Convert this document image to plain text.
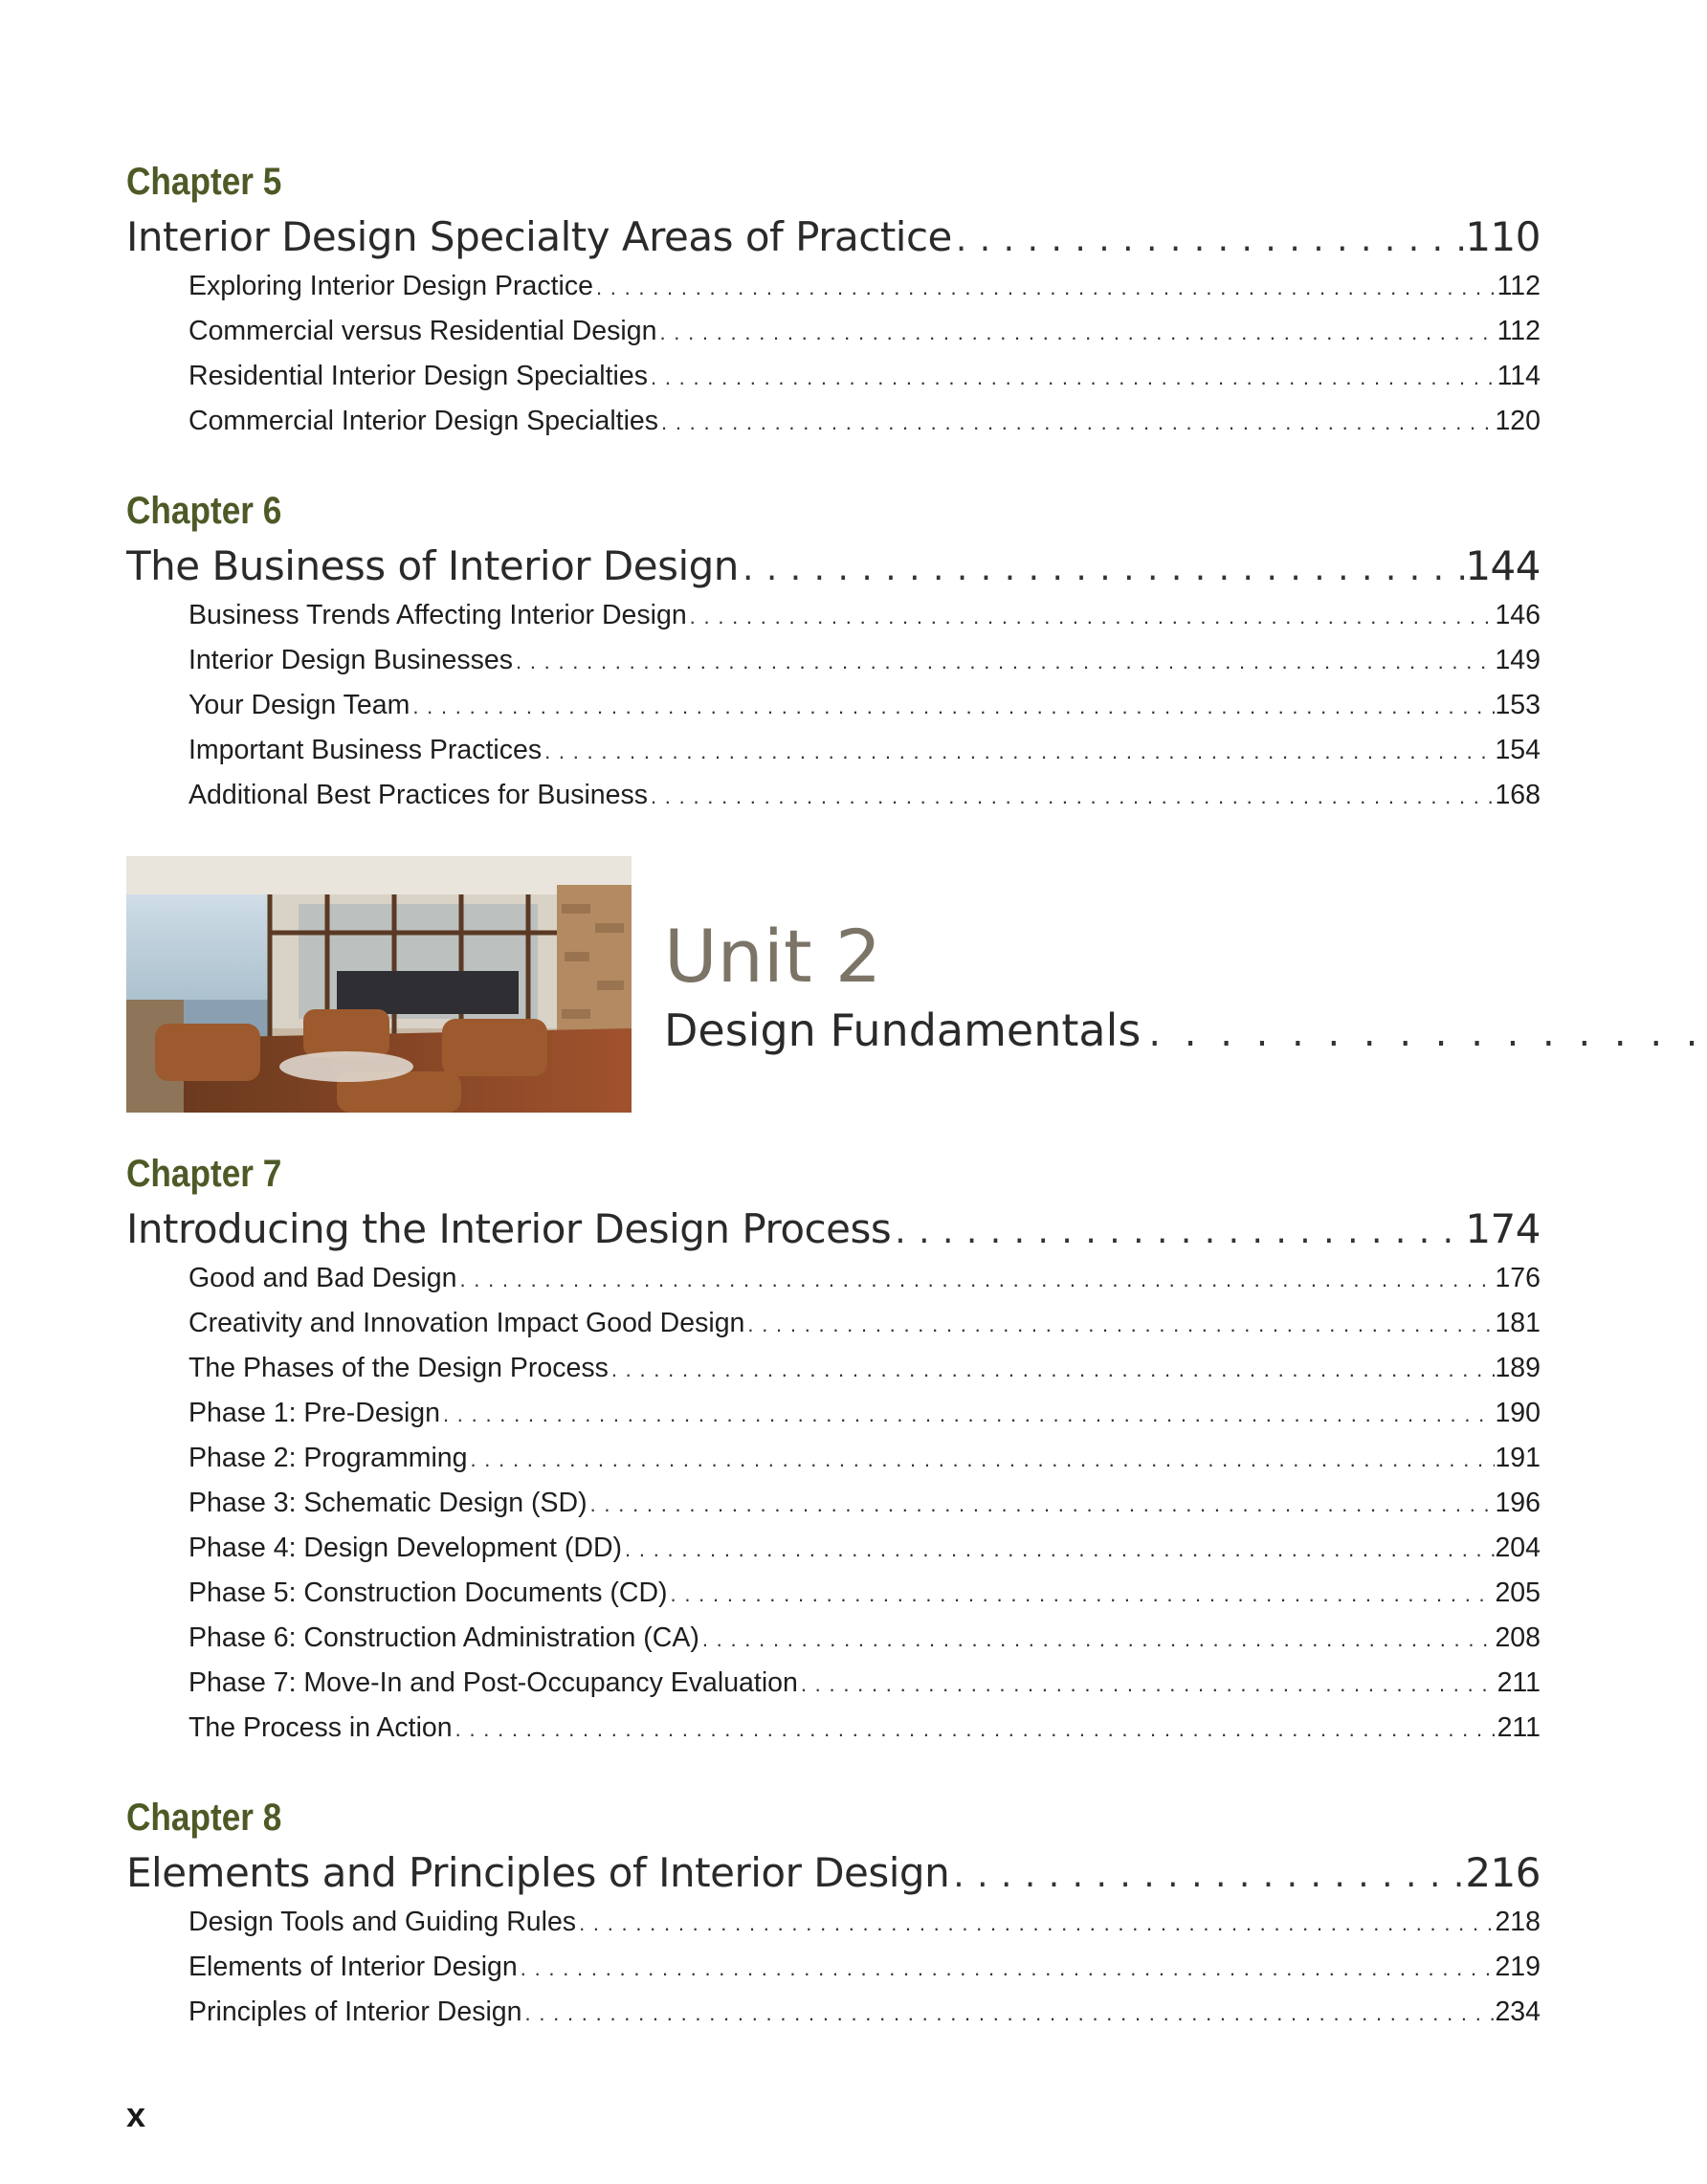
Chapter 5
Interior Design Specialty Areas of Practice . . .	110
Exploring Interior Design Practice . . .	112
Commercial versus Residential Design . . .	112
Residential Interior Design Specialties . . .	114
Commercial Interior Design Specialties . . .	120
Chapter 6
The Business of Interior Design . . .	144
Business Trends Affecting Interior Design . . .	146
Interior Design Businesses . . .	149
Your Design Team . . .	153
Important Business Practices . . .	154
Additional Best Practices for Business . . .	168
Unit 2
Design Fundamentals
. . .
Chapter 7
Introducing the Interior Design Process . . .	174
Good and Bad Design . . .	176
Creativity and Innovation Impact Good Design . . .	181
The Phases of the Design Process . . .	189
Phase 1: Pre-Design . . .	190
Phase 2: Programming . . .	191
Phase 3: Schematic Design (SD) . . .	196
Phase 4: Design Development (DD) . . .	204
Phase 5: Construction Documents (CD) . . .	205
Phase 6: Construction Administration (CA) . . .	208
Phase 7: Move-In and Post-Occupancy Evaluation . . .	211
The Process in Action . . .	211
Chapter 8
Elements and Principles of Interior Design . . .	216
Design Tools and Guiding Rules . . .	218
Elements of Interior Design . . .	219
Principles of Interior Design . . .	234
x
